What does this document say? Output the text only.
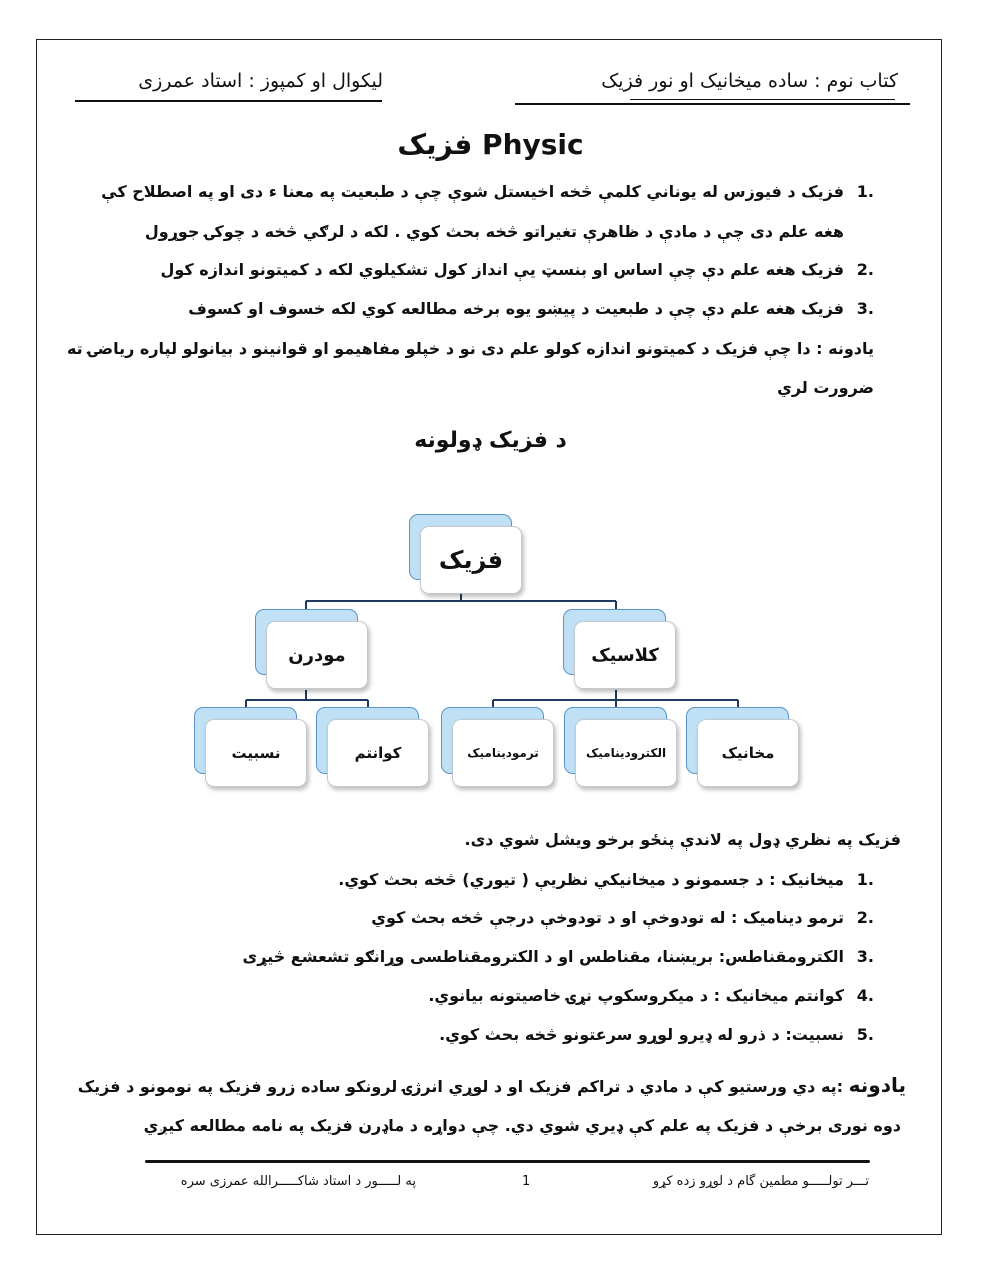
کتاب نوم : ساده میخانیک او نور فزیک
لیکوال او کمپوز : استاد عمرزی
فزیک Physic
1.فزیک د فیوزس له یوناني کلمې څخه اخیستل شوې چې د طبعیت په معنا ء دی او په اصطلاح کې
هغه علم دی چې د مادې د ظاهرې تغیراتو څخه بحث کوي . لکه د لرګي څخه د چوکۍ جوړول
2.فزیک هغه علم دې چې اساس او بنسټ یې انداز کول تشکیلوي لکه د کمیتونو اندازه کول
3.فزیک هغه علم دې چې د طبعیت د پیښو یوه برخه مطالعه کوي لکه خسوف او کسوف
یادونه : دا چې فزیک د کمیتونو اندازه کولو علم دی نو د خپلو مفاهیمو او قوانینو د بیانولو لپاره ریاضۍ ته
ضرورت لري
د فزیک ډولونه
فزیک
مودرن	کلاسیک
نسبیت	کوانتم	ترمودینامیک	الکترودینامیک	مخانیک
فزیک په نظري ډول په لاندې پنځو برخو ویشل شوي دی.
1.میخانیک : د جسمونو د میخانیکي نظریې ( تیوري) څخه بحث کوي.
2.ترمو دینامیک : له تودوخې او د تودوخې درجې څخه بحث کوي
3.الکترومقناطس: بریښنا، مقناطس او د الکترومقناطسی وړانګو تشعشع څیړی
4.کوانتم میخانیک : د میکروسکوپ نړۍ خاصیتونه بیانوي.
5.نسبیت: د ذرو له ډیرو لوړو سرعتونو څخه بحث کوي.
یادونه :په دي ورستیو کې د مادي د تراکم فزیک او د لوړي انرژۍ لرونکو ساده زرو فزیک په نومونو د فزیک
دوه نوری برخې د فزیک په علم کې ډیري شوي دي. چې دواړه د ماډرن فزیک په نامه مطالعه کیږي
تـــر تولـــــو مطمین گام د لوړو زده کړو
1
په لـــــور د استاد شاکـــــرالله عمرزی سره
